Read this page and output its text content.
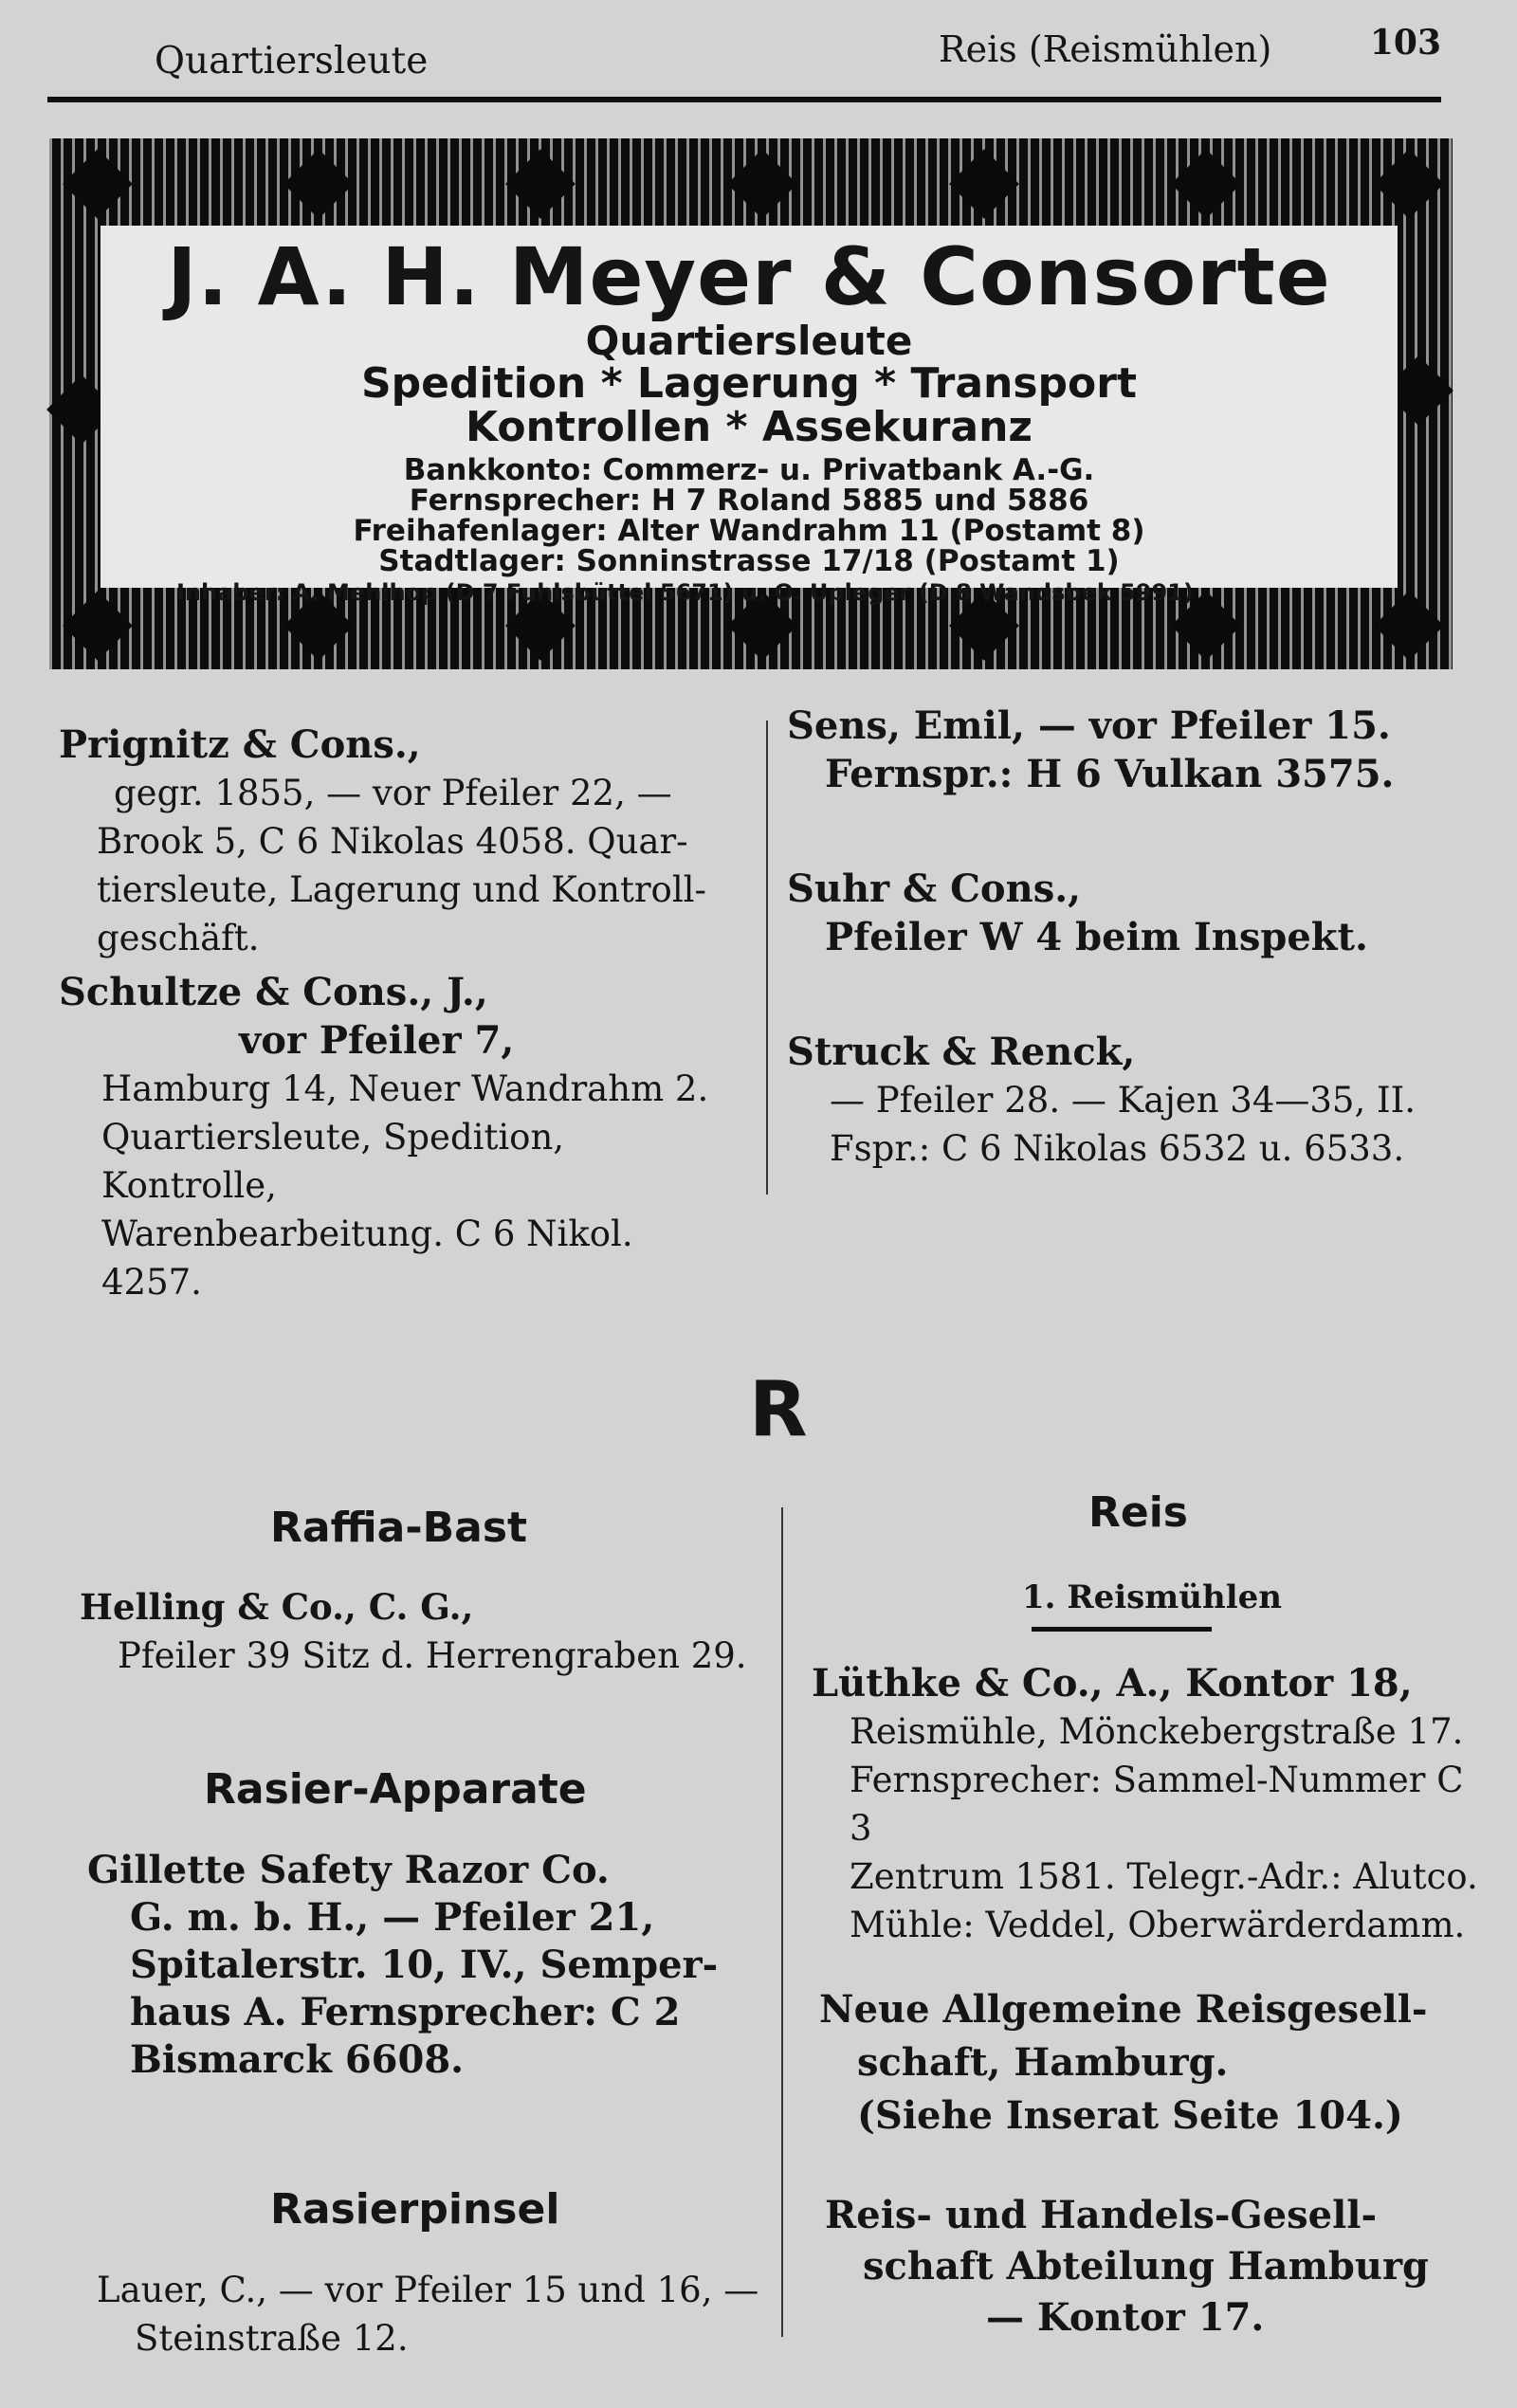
Quartiersleute	Reis (Reismühlen)	103
J. A. H. Meyer & Consorte
Quartiersleute
Spedition * Lagerung * Transport
Kontrollen * Assekuranz
Bankkonto: Commerz- u. Privatbank A.-G.
Fernsprecher: H 7 Roland 5885 und 5886
Freihafenlager: Alter Wandrahm 11 (Postamt 8)
Stadtlager: Sonninstrasse 17/18 (Postamt 1)
Inhaber: A. Mehlhop (D 7 Fuhlsbüttel 5671) u. O. Upleger (D 8 Wandsbek 5991)
Prignitz & Cons.,
gegr. 1855, — vor Pfeiler 22, —
Brook 5, C 6 Nikolas 4058. Quar-
tiersleute, Lagerung und Kontroll-
geschäft.
Schultze & Cons., J.,
vor Pfeiler 7,
Hamburg 14, Neuer Wandrahm 2.
Quartiersleute, Spedition, Kontrolle,
Warenbearbeitung. C 6 Nikol. 4257.
Sens, Emil, — vor Pfeiler 15.
Fernspr.: H 6 Vulkan 3575.
Suhr & Cons.,
Pfeiler W 4 beim Inspekt.
Struck & Renck,
— Pfeiler 28. — Kajen 34—35, II.
Fspr.: C 6 Nikolas 6532 u. 6533.
R
Raffia-Bast
Helling & Co., C. G.,
Pfeiler 39 Sitz d. Herrengraben 29.
Rasier-Apparate
Gillette Safety Razor Co.
G. m. b. H., — Pfeiler 21,
Spitalerstr. 10, IV., Semper-
haus A. Fernsprecher: C 2
Bismarck 6608.
Rasierpinsel
Lauer, C., — vor Pfeiler 15 und 16, —
Steinstraße 12.
Reis
1. Reismühlen
Lüthke & Co., A., Kontor 18,
Reismühle, Mönckebergstraße 17.
Fernsprecher: Sammel-Nummer C 3
Zentrum 1581. Telegr.-Adr.: Alutco.
Mühle: Veddel, Oberwärderdamm.
Neue Allgemeine Reisgesell-
schaft, Hamburg.
(Siehe Inserat Seite 104.)
Reis- und Handels-Gesell-
schaft Abteilung Hamburg
— Kontor 17.
